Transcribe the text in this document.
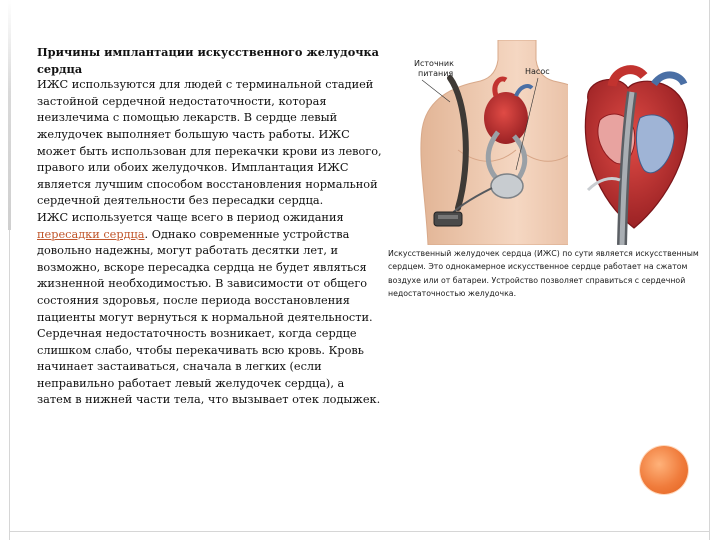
Причины имплантации искусственного желудочка сердца

ИЖС используются для людей с терминальной стадией застойной сердечной недостаточности, которая неизлечима с помощью лекарств. В сердце левый желудочек выполняет большую часть работы. ИЖС может быть использован для перекачки крови из левого, правого или обоих желудочков. Имплантация ИЖС является лучшим способом восстановления нормальной сердечной деятельности без пересадки сердца.

ИЖС используется чаще всего в период ожидания пересадки сердца. Однако современные устройства довольно надежны, могут работать десятки лет, и возможно, вскоре пересадка сердца не будет являться жизненной необходимостью. В зависимости от общего состояния здоровья, после периода восстановления пациенты могут вернуться к нормальной деятельности.

Сердечная недостаточность возникает, когда сердце слишком слабо, чтобы перекачивать всю кровь. Кровь начинает застаиваться, сначала в легких (если неправильно работает левый желудочек сердца), а затем в нижней части тела, что вызывает отек лодыжек.

Источник
питания	Насос
Искусственный желудочек сердца (ИЖС) по сути является искусственным сердцем. Это однокамерное искусственное сердце работает на сжатом воздухе или от батареи. Устройство позволяет справиться с сердечной недостаточностью желудочка.
